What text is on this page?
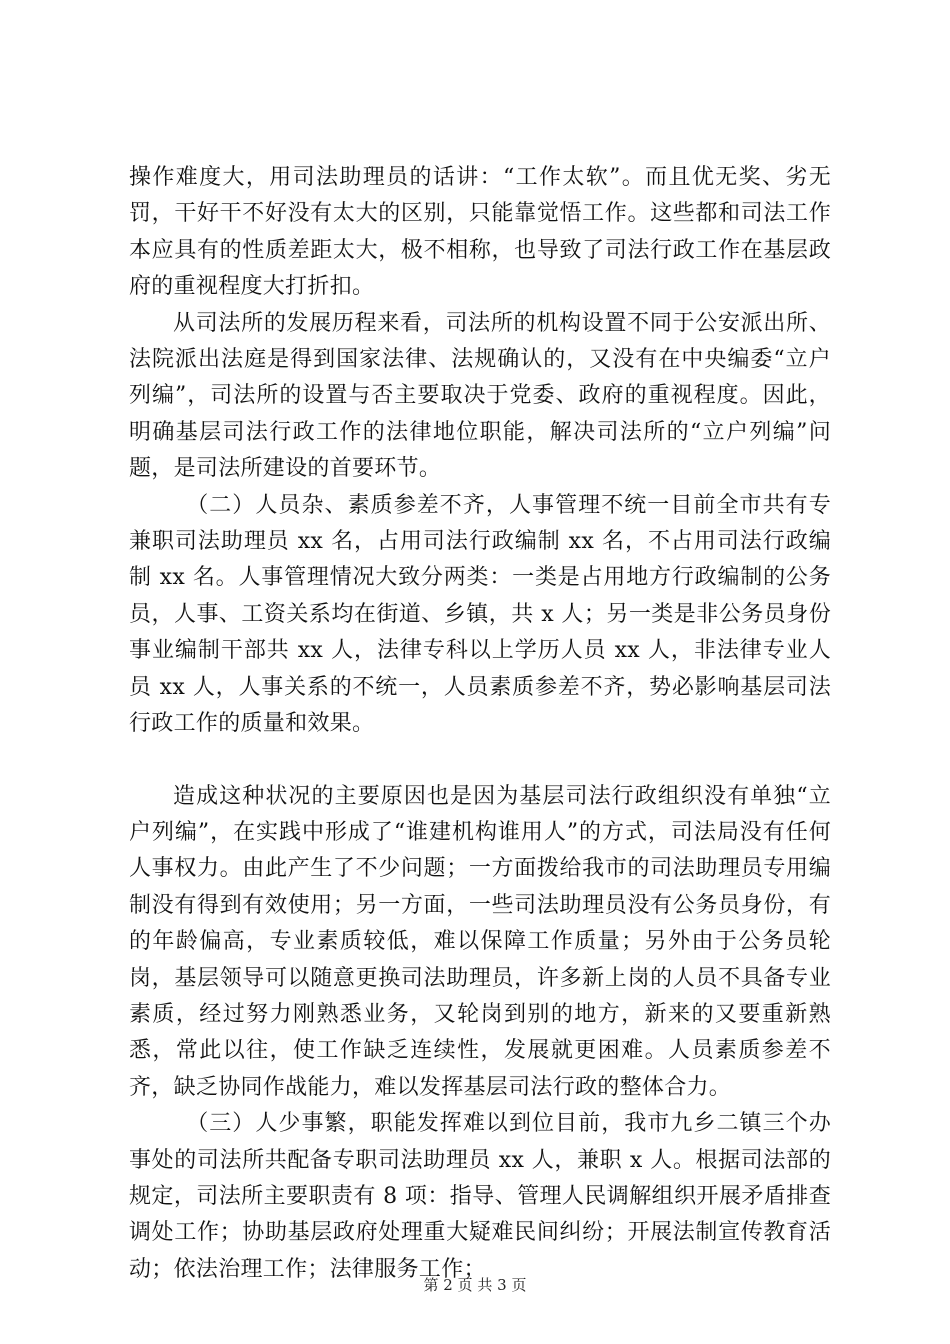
操作难度大，用司法助理员的话讲：“工作太软”。而且优无奖、劣无罚，干好干不好没有太大的区别，只能靠觉悟工作。这些都和司法工作本应具有的性质差距太大，极不相称，也导致了司法行政工作在基层政府的重视程度大打折扣。

从司法所的发展历程来看，司法所的机构设置不同于公安派出所、法院派出法庭是得到国家法律、法规确认的，又没有在中央编委“立户列编”，司法所的设置与否主要取决于党委、政府的重视程度。因此，明确基层司法行政工作的法律地位职能，解决司法所的“立户列编”问题，是司法所建设的首要环节。

（二）人员杂、素质参差不齐，人事管理不统一目前全市共有专兼职司法助理员 xx 名，占用司法行政编制 xx 名，不占用司法行政编制 xx 名。人事管理情况大致分两类：一类是占用地方行政编制的公务员，人事、工资关系均在街道、乡镇，共 x 人；另一类是非公务员身份事业编制干部共 xx 人，法律专科以上学历人员 xx 人，非法律专业人员 xx 人，人事关系的不统一，人员素质参差不齐，势必影响基层司法行政工作的质量和效果。

造成这种状况的主要原因也是因为基层司法行政组织没有单独“立户列编”，在实践中形成了“谁建机构谁用人”的方式，司法局没有任何人事权力。由此产生了不少问题；一方面拨给我市的司法助理员专用编制没有得到有效使用；另一方面，一些司法助理员没有公务员身份，有的年龄偏高，专业素质较低，难以保障工作质量；另外由于公务员轮岗，基层领导可以随意更换司法助理员，许多新上岗的人员不具备专业素质，经过努力刚熟悉业务，又轮岗到别的地方，新来的又要重新熟悉，常此以往，使工作缺乏连续性，发展就更困难。人员素质参差不齐，缺乏协同作战能力，难以发挥基层司法行政的整体合力。

（三）人少事繁，职能发挥难以到位目前，我市九乡二镇三个办事处的司法所共配备专职司法助理员 xx 人，兼职 x 人。根据司法部的规定，司法所主要职责有 8 项：指导、管理人民调解组织开展矛盾排查调处工作；协助基层政府处理重大疑难民间纠纷；开展法制宣传教育活动；依法治理工作；法律服务工作；

第 2 页 共 3 页
